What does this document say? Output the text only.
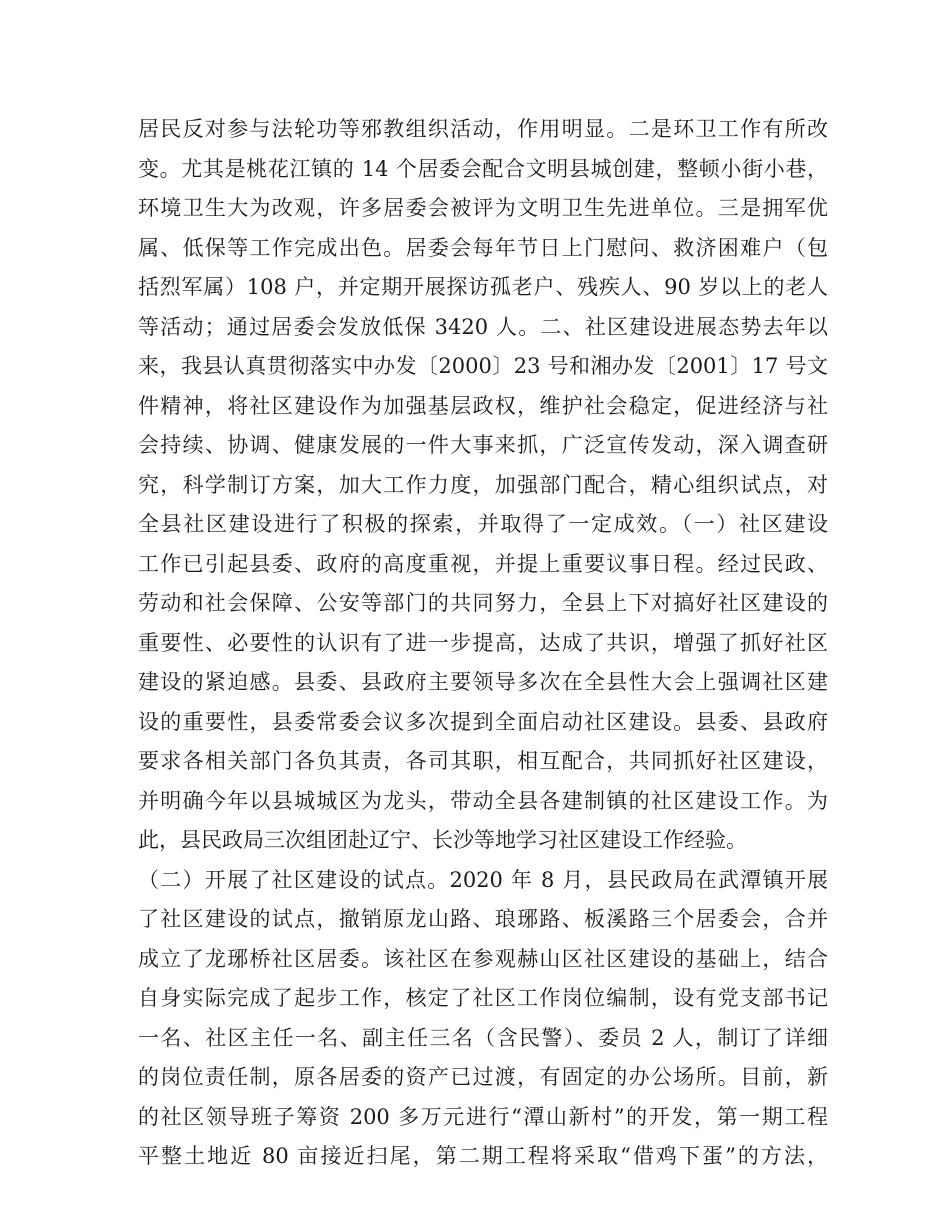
居民反对参与法轮功等邪教组织活动，作用明显。二是环卫工作有所改
变。尤其是桃花江镇的 14 个居委会配合文明县城创建，整顿小街小巷，
环境卫生大为改观，许多居委会被评为文明卫生先进单位。三是拥军优
属、低保等工作完成出色。居委会每年节日上门慰问、救济困难户（包
括烈军属）108 户，并定期开展探访孤老户、残疾人、90 岁以上的老人
等活动；通过居委会发放低保 3420 人。二、社区建设进展态势去年以
来，我县认真贯彻落实中办发〔2000〕23 号和湘办发〔2001〕17 号文
件精神，将社区建设作为加强基层政权，维护社会稳定，促进经济与社
会持续、协调、健康发展的一件大事来抓，广泛宣传发动，深入调查研
究，科学制订方案，加大工作力度，加强部门配合，精心组织试点，对
全县社区建设进行了积极的探索，并取得了一定成效。（一）社区建设
工作已引起县委、政府的高度重视，并提上重要议事日程。经过民政、
劳动和社会保障、公安等部门的共同努力，全县上下对搞好社区建设的
重要性、必要性的认识有了进一步提高，达成了共识，增强了抓好社区
建设的紧迫感。县委、县政府主要领导多次在全县性大会上强调社区建
设的重要性，县委常委会议多次提到全面启动社区建设。县委、县政府
要求各相关部门各负其责，各司其职，相互配合，共同抓好社区建设，
并明确今年以县城城区为龙头，带动全县各建制镇的社区建设工作。为
此，县民政局三次组团赴辽宁、长沙等地学习社区建设工作经验。
（二）开展了社区建设的试点。2020 年 8 月，县民政局在武潭镇开展
了社区建设的试点，撤销原龙山路、琅琊路、板溪路三个居委会，合并
成立了龙琊桥社区居委。该社区在参观赫山区社区建设的基础上，结合
自身实际完成了起步工作，核定了社区工作岗位编制，设有党支部书记
一名、社区主任一名、副主任三名（含民警）、委员 2 人，制订了详细
的岗位责任制，原各居委的资产已过渡，有固定的办公场所。目前，新
的社区领导班子筹资 200 多万元进行“潭山新村”的开发，第一期工程
平整土地近 80 亩接近扫尾，第二期工程将采取“借鸡下蛋”的方法，
